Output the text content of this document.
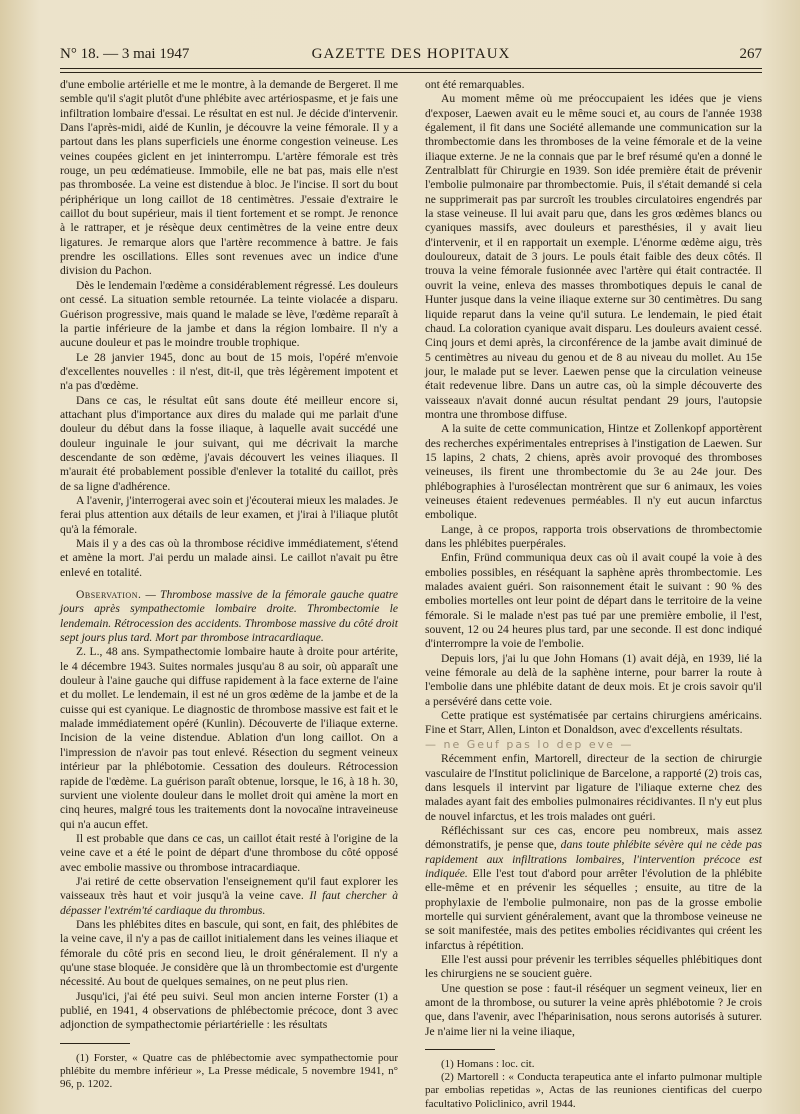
N° 18. — 3 mai 1947	GAZETTE DES HOPITAUX	267

d'une embolie artérielle et me le montre, à la demande de Bergeret. Il me semble qu'il s'agit plutôt d'une phlébite avec artériospasme, et je fais une infiltration lombaire d'essai. Le résultat en est nul. Je décide d'intervenir. Dans l'après-midi, aidé de Kunlin, je découvre la veine fémorale. Il y a partout dans les plans superficiels une énorme congestion veineuse. Les veines coupées giclent en jet ininterrompu. L'artère fémorale est très rouge, un peu œdématieuse. Immobile, elle ne bat pas, mais elle n'est pas thrombosée. La veine est distendue à bloc. Je l'incise. Il sort du bout périphérique un long caillot de 18 centimètres. J'essaie d'extraire le caillot du bout supérieur, mais il tient fortement et se rompt. Je renonce à le rattraper, et je résèque deux centimètres de la veine entre deux ligatures. Je remarque alors que l'artère recommence à battre. Je fais prendre les oscillations. Elles sont revenues avec un indice d'une division du Pachon.

Dès le lendemain l'œdème a considérablement régressé. Les douleurs ont cessé. La situation semble retournée. La teinte violacée a disparu. Guérison progressive, mais quand le malade se lève, l'œdème reparaît à la partie inférieure de la jambe et dans la région lombaire. Il n'y a aucune douleur et pas le moindre trouble trophique.

Le 28 janvier 1945, donc au bout de 15 mois, l'opéré m'envoie d'excellentes nouvelles : il n'est, dit-il, que très légèrement impotent et n'a pas d'œdème.

Dans ce cas, le résultat eût sans doute été meilleur encore si, attachant plus d'importance aux dires du malade qui me parlait d'une douleur du début dans la fosse iliaque, à laquelle avait succédé une douleur inguinale le jour suivant, qui me décrivait la marche descendante de son œdème, j'avais découvert les veines iliaques. Il m'aurait été probablement possible d'enlever la totalité du caillot, près de sa ligne d'adhérence.

A l'avenir, j'interrogerai avec soin et j'écouterai mieux les malades. Je ferai plus attention aux détails de leur examen, et j'irai à l'iliaque plutôt qu'à la fémorale.

Mais il y a des cas où la thrombose récidive immédiatement, s'étend et amène la mort. J'ai perdu un malade ainsi. Le caillot n'avait pu être enlevé en totalité.

Observation. — Thrombose massive de la fémorale gauche quatre jours après sympathectomie lombaire droite. Thrombectomie le lendemain. Rétrocession des accidents. Thrombose massive du côté droit sept jours plus tard. Mort par thrombose intracardiaque.

Z. L., 48 ans. Sympathectomie lombaire haute à droite pour artérite, le 4 décembre 1943. Suites normales jusqu'au 8 au soir, où apparaît une douleur à l'aine gauche qui diffuse rapidement à la face externe de l'aine et du mollet. Le lendemain, il est né un gros œdème de la jambe et de la cuisse qui est cyanique. Le diagnostic de thrombose massive est fait et le malade immédiatement opéré (Kunlin). Découverte de l'iliaque externe. Incision de la veine distendue. Ablation d'un long caillot. On a l'impression de n'avoir pas tout enlevé. Résection du segment veineux intérieur par la phlébotomie. Cessation des douleurs. Rétrocession rapide de l'œdème. La guérison paraît obtenue, lorsque, le 16, à 18 h. 30, survient une violente douleur dans le mollet droit qui amène la mort en cinq heures, malgré tous les traitements dont la novocaïne intraveineuse qui n'a aucun effet.

Il est probable que dans ce cas, un caillot était resté à l'origine de la veine cave et a été le point de départ d'une thrombose du côté opposé avec embolie massive ou thrombose intracardiaque.

J'ai retiré de cette observation l'enseignement qu'il faut explorer les vaisseaux très haut et voir jusqu'à la veine cave. Il faut chercher à dépasser l'extrém'té cardiaque du thrombus.

Dans les phlébites dites en bascule, qui sont, en fait, des phlébites de la veine cave, il n'y a pas de caillot initialement dans les veines iliaque et fémorale du côté pris en second lieu, le droit généralement. Il n'y a qu'une stase bloquée. Je considère que là un thrombectomie est d'urgente nécessité. Au bout de quelques semaines, on ne peut plus rien.

Jusqu'ici, j'ai été peu suivi. Seul mon ancien interne Forster (1) a publié, en 1941, 4 observations de phlébectomie précoce, dont 3 avec adjonction de sympathectomie périartérielle : les résultats

(1) Forster, « Quatre cas de phlébectomie avec sympathectomie pour phlébite du membre inférieur », La Presse médicale, 5 novembre 1941, n° 96, p. 1202.

ont été remarquables.

Au moment même où me préoccupaient les idées que je viens d'exposer, Laewen avait eu le même souci et, au cours de l'année 1938 également, il fit dans une Société allemande une communication sur la thrombectomie dans les thromboses de la veine fémorale et de la veine iliaque externe. Je ne la connais que par le bref résumé qu'en a donné le Zentralblatt für Chirurgie en 1939. Son idée première était de prévenir l'embolie pulmonaire par thrombectomie. Puis, il s'était demandé si cela ne supprimerait pas par surcroît les troubles circulatoires engendrés par la stase veineuse. Il lui avait paru que, dans les gros œdèmes blancs ou cyaniques massifs, avec douleurs et paresthésies, il y avait lieu d'intervenir, et il en rapportait un exemple. L'énorme œdème aigu, très douloureux, datait de 3 jours. Le pouls était faible des deux côtés. Il trouva la veine fémorale fusionnée avec l'artère qui était contractée. Il ouvrit la veine, enleva des masses thrombotiques depuis le canal de Hunter jusque dans la veine iliaque externe sur 30 centimètres. Du sang liquide reparut dans la veine qu'il sutura. Le lendemain, le pied était chaud. La coloration cyanique avait disparu. Les douleurs avaient cessé. Cinq jours et demi après, la circonférence de la jambe avait diminué de 5 centimètres au niveau du genou et de 8 au niveau du mollet. Au 15e jour, le malade put se lever. Laewen pense que la circulation veineuse était redevenue libre. Dans un autre cas, où la simple découverte des vaisseaux n'avait donné aucun résultat pendant 29 jours, l'autopsie montra une thrombose diffuse.

A la suite de cette communication, Hintze et Zollenkopf apportèrent des recherches expérimentales entreprises à l'instigation de Laewen. Sur 15 lapins, 2 chats, 2 chiens, après avoir provoqué des thromboses veineuses, ils firent une thrombectomie du 3e au 24e jour. Des phlébographies à l'urosélectan montrèrent que sur 6 animaux, les voies veineuses étaient redevenues perméables. Il n'y eut aucun infarctus embolique.

Lange, à ce propos, rapporta trois observations de thrombectomie dans les phlébites puerpérales.

Enfin, Fründ communiqua deux cas où il avait coupé la voie à des embolies possibles, en réséquant la saphène après thrombectomie. Les malades avaient guéri. Son raisonnement était le suivant : 90 % des embolies mortelles ont leur point de départ dans le territoire de la veine fémorale. Si le malade n'est pas tué par une première embolie, il l'est, souvent, 12 ou 24 heures plus tard, par une seconde. Il est donc indiqué d'interrompre la voie de l'embolie.

Depuis lors, j'ai lu que John Homans (1) avait déjà, en 1939, lié la veine fémorale au delà de la saphène interne, pour barrer la route à l'embolie dans une phlébite datant de deux mois. Et je crois savoir qu'il a persévéré dans cette voie.

Cette pratique est systématisée par certains chirurgiens américains. Fine et Starr, Allen, Linton et Donaldson, avec d'excellents résultats.

— ne Geuf pas lo dep eve —

Récemment enfin, Martorell, directeur de la section de chirurgie vasculaire de l'Institut policlinique de Barcelone, a rapporté (2) trois cas, dans lesquels il intervint par ligature de l'iliaque externe chez des malades ayant fait des embolies pulmonaires récidivantes. Il n'y eut plus de nouvel infarctus, et les trois malades ont guéri.

Réfléchissant sur ces cas, encore peu nombreux, mais assez démonstratifs, je pense que, dans toute phlébite sévère qui ne cède pas rapidement aux infiltrations lombaires, l'intervention précoce est indiquée. Elle l'est tout d'abord pour arrêter l'évolution de la phlébite elle-même et en prévenir les séquelles ; ensuite, au titre de la prophylaxie de l'embolie pulmonaire, non pas de la grosse embolie mortelle qui survient généralement, avant que la thrombose veineuse ne se soit manifestée, mais des petites embolies récidivantes qui créent les infarctus à répétition.

Elle l'est aussi pour prévenir les terribles séquelles phlébitiques dont les chirurgiens ne se soucient guère.

Une question se pose : faut-il réséquer un segment veineux, lier en amont de la thrombose, ou suturer la veine après phlébotomie ? Je crois que, dans l'avenir, avec l'héparinisation, nous serons autorisés à suturer. Je n'aime lier ni la veine iliaque,

(1) Homans : loc. cit.

(2) Martorell : « Conducta terapeutica ante el infarto pulmonar multiple par embolias repetidas », Actas de las reuniones cientificas del cuerpo facultativo Policlinico, avril 1944.
